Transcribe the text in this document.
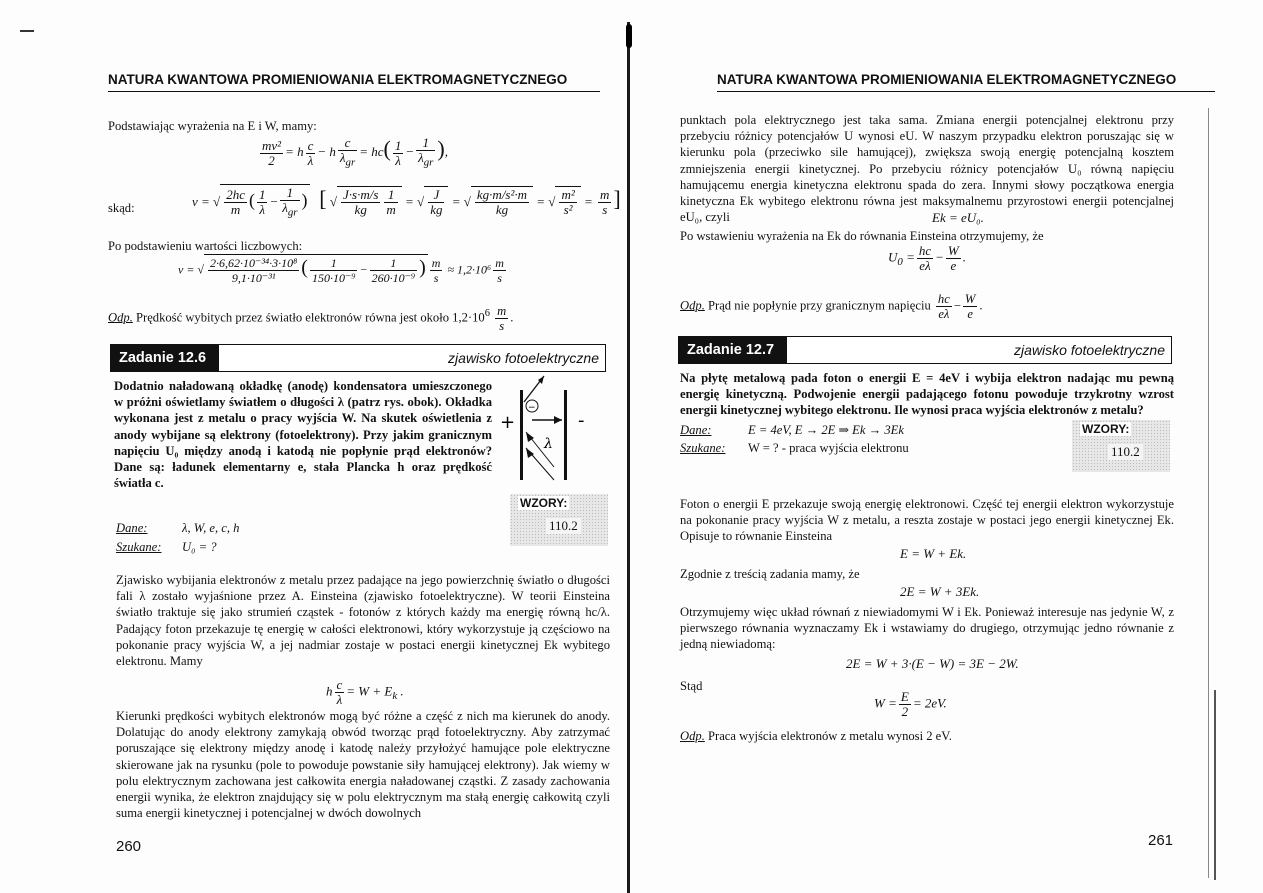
NATURA KWANTOWA PROMIENIOWANIA ELEKTROMAGNETYCZNEGO
Podstawiając wyrażenia na E i W, mamy:
$\frac{\text{mv²}}{2} = h \frac{c}{\lambda} - h \frac{c}{\lambda_{gr}} = hc( \frac{1}{\lambda} - \frac{1}{\lambda_{gr}}$ ),
skąd:	v = √ $\frac{2hc}{m}$ ( $\frac{1}{\lambda} - \frac{1}{\lambda_{gr}}$ ) [ √ $\frac{J\cdot s\cdot m/s}{kg} \frac{1}{m}$ = √ $\frac{J}{kg}$ = √ $\frac{\text{kg·m/s²·m}}{kg}$ = √ $\frac{\text{m²}}{\text{s²}} = \frac{m}{s}$ ]
Po podstawieniu wartości liczbowych:
v = √ $\frac{\text{2·6,62·10⁻³⁴·3·10⁸}}{\text{9,1·10⁻³¹}}$ ( $\frac{1}{\text{150·10⁻⁹}} - \frac{1}{\text{260·10⁻⁹}}$ ) $\frac{m}{s} \approx 1,2\cdot 10^6 \frac{m}{s}$
Odp. Prędkość wybitych przez światło elektronów równa jest około $1,2\cdot 10^6 \frac{m}{s}$ .
Zadanie 12.6	zjawisko fotoelektryczne
Dodatnio naładowaną okładkę (anodę) kondensatora umieszczonego w próżni oświetlamy światłem o długości λ (patrz rys. obok). Okładka wykonana jest z metalu o pracy wyjścia W. Na skutek oświetlenia z anody wybijane są elektrony (fotoelektrony). Przy jakim granicznym napięciu U₀ między anodą i katodą nie popłynie prąd elektronów? Dane są: ładunek elementarny e, stała Plancka h oraz prędkość światła c.
+	-
−
λ
WZORY:
110.2
Dane:	λ, W, e, c, h
Szukane:	U₀ = ?
Zjawisko wybijania elektronów z metalu przez padające na jego powierzchnię światło o długości fali λ zostało wyjaśnione przez A. Einsteina (zjawisko fotoelektryczne). W teorii Einsteina światło traktuje się jako strumień cząstek - fotonów z których każdy ma energię równą hc/λ. Padający foton przekazuje tę energię w całości elektronowi, który wykorzystuje ją częściowo na pokonanie pracy wyjścia W, a jej nadmiar zostaje w postaci energii kinetycznej Ek wybitego elektronu. Mamy
h $\frac{c}{\lambda} = W + E_k$ .
Kierunki prędkości wybitych elektronów mogą być różne a część z nich ma kierunek do anody. Dolatując do anody elektrony zamykają obwód tworząc prąd fotoelektryczny. Aby zatrzymać poruszające się elektrony między anodę i katodę należy przyłożyć hamujące pole elektryczne skierowane jak na rysunku (pole to powoduje powstanie siły hamującej elektrony). Jak wiemy w polu elektrycznym zachowana jest całkowita energia naładowanej cząstki. Z zasady zachowania energii wynika, że elektron znajdujący się w polu elektrycznym ma stałą energię całkowitą czyli suma energii kinetycznej i potencjalnej w dwóch dowolnych
260
NATURA KWANTOWA PROMIENIOWANIA ELEKTROMAGNETYCZNEGO
punktach pola elektrycznego jest taka sama. Zmiana energii potencjalnej elektronu przy przebyciu różnicy potencjałów U wynosi eU. W naszym przypadku elektron poruszając się w kierunku pola (przeciwko sile hamującej), zwiększa swoją energię potencjalną kosztem zmniejszenia energii kinetycznej. Po przebyciu różnicy potencjałów U₀ równą napięciu hamującemu energia kinetyczna elektronu spada do zera. Innymi słowy początkowa energia kinetyczna Ek wybitego elektronu równa jest maksymalnemu przyrostowi energii potencjalnej eU₀, czyli	Ek = eU₀.
Po wstawieniu wyrażenia na Ek do równania Einsteina otrzymujemy, że
$U_0 = \frac{hc}{e\lambda} - \frac{W}{e}$ .
Odp. Prąd nie popłynie przy granicznym napięciu $\frac{hc}{e\lambda} - \frac{W}{e}$ .
Zadanie 12.7	zjawisko fotoelektryczne
Na płytę metalową pada foton o energii E = 4eV i wybija elektron nadając mu pewną energię kinetyczną. Podwojenie energii padającego fotonu powoduje trzykrotny wzrost energii kinetycznej wybitego elektronu. Ile wynosi praca wyjścia elektronów z metalu?
Dane:	E = 4eV, E → 2E ⇒ Ek → 3Ek
Szukane:	W = ? - praca wyjścia elektronu
WZORY:
110.2
Foton o energii E przekazuje swoją energię elektronowi. Część tej energii elektron wykorzystuje na pokonanie pracy wyjścia W z metalu, a reszta zostaje w postaci jego energii kinetycznej Ek. Opisuje to równanie Einsteina
E = W + Ek.
Zgodnie z treścią zadania mamy, że
2E = W + 3Ek.
Otrzymujemy więc układ równań z niewiadomymi W i Ek. Ponieważ interesuje nas jedynie W, z pierwszego równania wyznaczamy Ek i wstawiamy do drugiego, otrzymując jedno równanie z jedną niewiadomą:
2E = W + 3·(E − W) = 3E − 2W.
Stąd
$W = \frac{E}{2} = 2eV$.
Odp. Praca wyjścia elektronów z metalu wynosi 2 eV.
261
